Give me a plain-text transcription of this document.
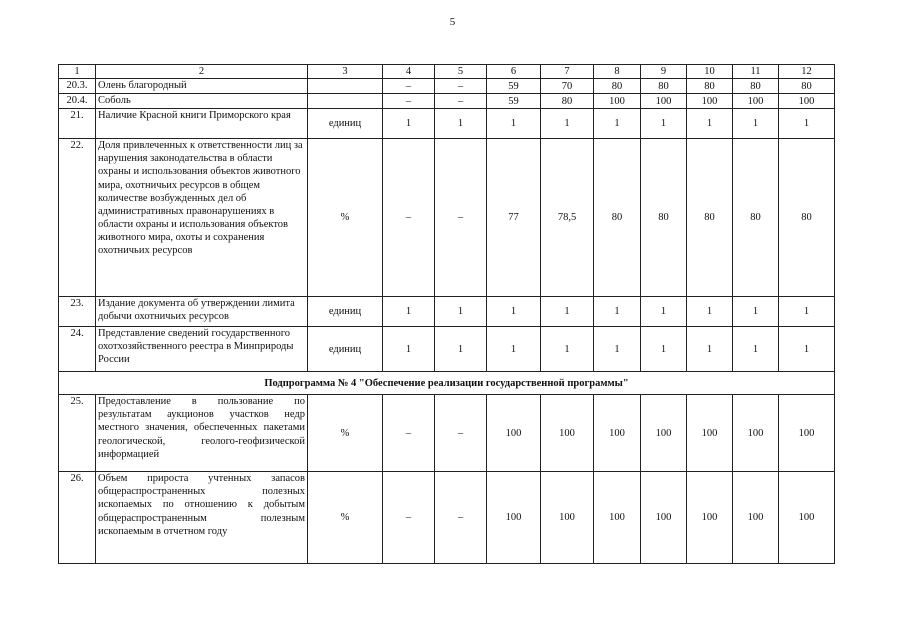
5
1	2	3	4	5	6	7	8	9	10	11	12
20.3.	Олень благородный		–	–	59	70	80	80	80	80	80
20.4.	Соболь		–	–	59	80	100	100	100	100	100
21.	Наличие Красной книги Приморского края	единиц	1	1	1	1	1	1	1	1	1
22.	Доля привлеченных к ответственности лиц за нарушения законодательства в области охраны и использования объектов животного мира, охотничьих ресурсов в общем количестве возбужденных дел об административных правонарушениях в области охраны и использования объектов животного мира, охоты и сохранения охотничьих ресурсов	%	–	–	77	78,5	80	80	80	80	80
23.	Издание документа об утверждении лимита добычи охотничьих ресурсов	единиц	1	1	1	1	1	1	1	1	1
24.	Представление сведений государственного охотхозяйственного реестра в Минприроды России	единиц	1	1	1	1	1	1	1	1	1
Подпрограмма № 4 "Обеспечение реализации государственной программы"											
25.	Предоставление в пользование по результатам аукционов участков недр местного значения, обеспеченных пакетами геологической, геолого-геофизической информацией	%	–	–	100	100	100	100	100	100	100
26.	Объем прироста учтенных запасов общераспространенных полезных ископаемых по отношению к добытым общераспространенным полезным ископаемым в отчетном году	%	–	–	100	100	100	100	100	100	100
